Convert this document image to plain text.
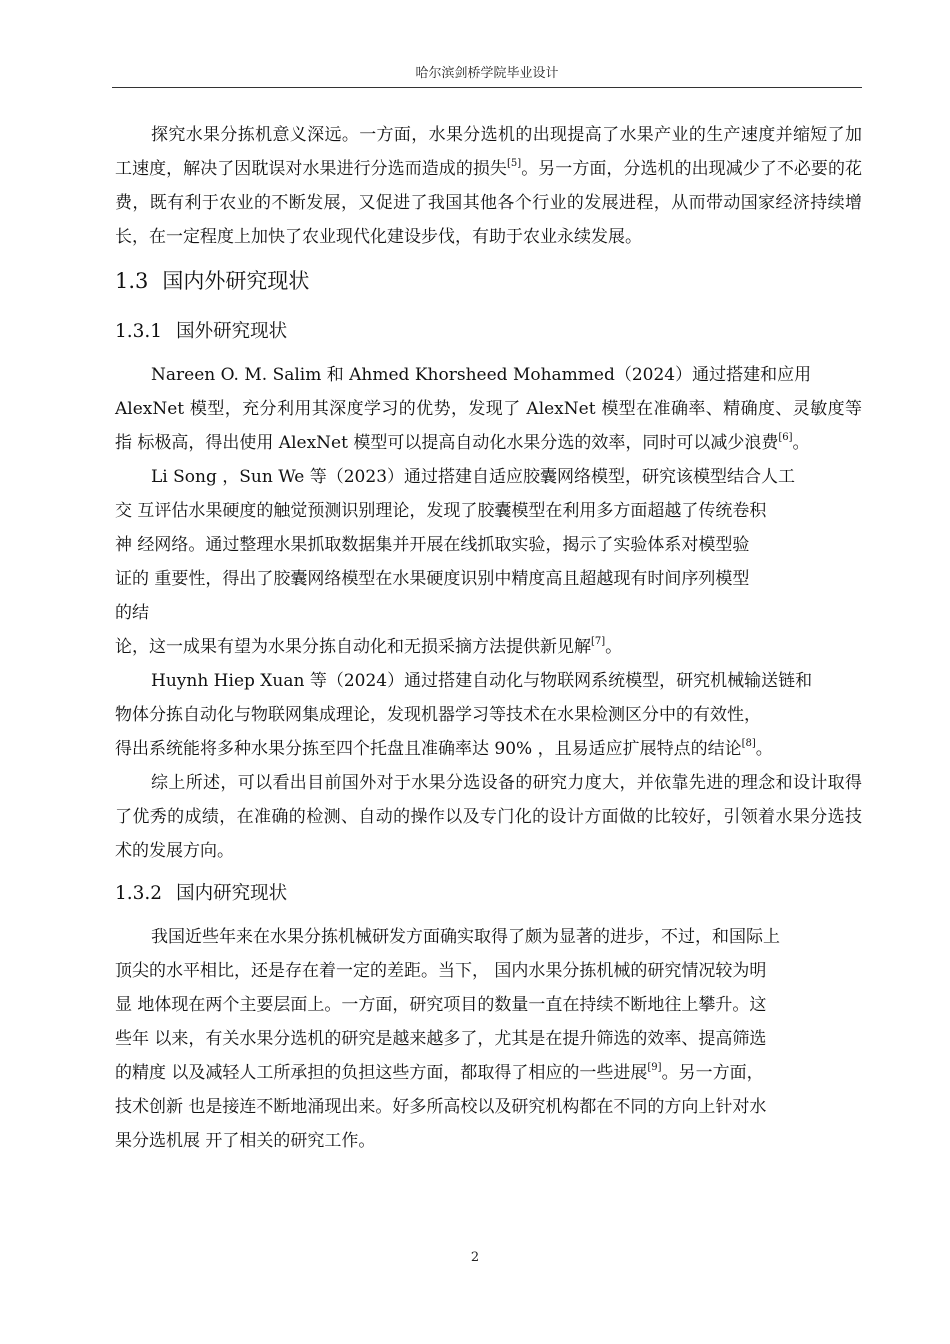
哈尔滨剑桥学院毕业设计

探究水果分拣机意义深远。一方面，水果分选机的出现提高了水果产业的生产速度并缩短了加工速度，解决了因耽误对水果进行分选而造成的损失[5]。另一方面，分选机的出现减少了不必要的花费，既有利于农业的不断发展，又促进了我国其他各个行业的发展进程，从而带动国家经济持续增长，在一定程度上加快了农业现代化建设步伐，有助于农业永续发展。

1.3 国内外研究现状
1.3.1 国外研究现状

Nareen O. M. Salim 和 Ahmed Khorsheed Mohammed（2024）通过搭建和应用

AlexNet 模型，充分利用其深度学习的优势，发现了 AlexNet 模型在准确率、精确度、灵敏度等指 标极高，得出使用 AlexNet 模型可以提高自动化水果分选的效率，同时可以减少浪费[6]。

Li Song ，Sun We 等（2023）通过搭建自适应胶囊网络模型，研究该模型结合人工

交 互评估水果硬度的触觉预测识别理论，发现了胶囊模型在利用多方面超越了传统卷积

神 经网络。通过整理水果抓取数据集并开展在线抓取实验，揭示了实验体系对模型验

证的 重要性，得出了胶囊网络模型在水果硬度识别中精度高且超越现有时间序列模型

的结

论，这一成果有望为水果分拣自动化和无损采摘方法提供新见解[7]。

Huynh Hiep Xuan 等（2024）通过搭建自动化与物联网系统模型，研究机械输送链和

物体分拣自动化与物联网集成理论，发现机器学习等技术在水果检测区分中的有效性，

得出系统能将多种水果分拣至四个托盘且准确率达 90% ，且易适应扩展特点的结论[8]。

综上所述，可以看出目前国外对于水果分选设备的研究力度大，并依靠先进的理念和设计取得了优秀的成绩，在准确的检测、自动的操作以及专门化的设计方面做的比较好，引领着水果分选技术的发展方向。

1.3.2 国内研究现状

我国近些年来在水果分拣机械研发方面确实取得了颇为显著的进步，不过，和国际上

顶尖的水平相比，还是存在着一定的差距。当下， 国内水果分拣机械的研究情况较为明

显 地体现在两个主要层面上。一方面，研究项目的数量一直在持续不断地往上攀升。这

些年 以来，有关水果分选机的研究是越来越多了，尤其是在提升筛选的效率、提高筛选

的精度 以及减轻人工所承担的负担这些方面，都取得了相应的一些进展[9]。另一方面，

技术创新 也是接连不断地涌现出来。好多所高校以及研究机构都在不同的方向上针对水

果分选机展 开了相关的研究工作。

2
